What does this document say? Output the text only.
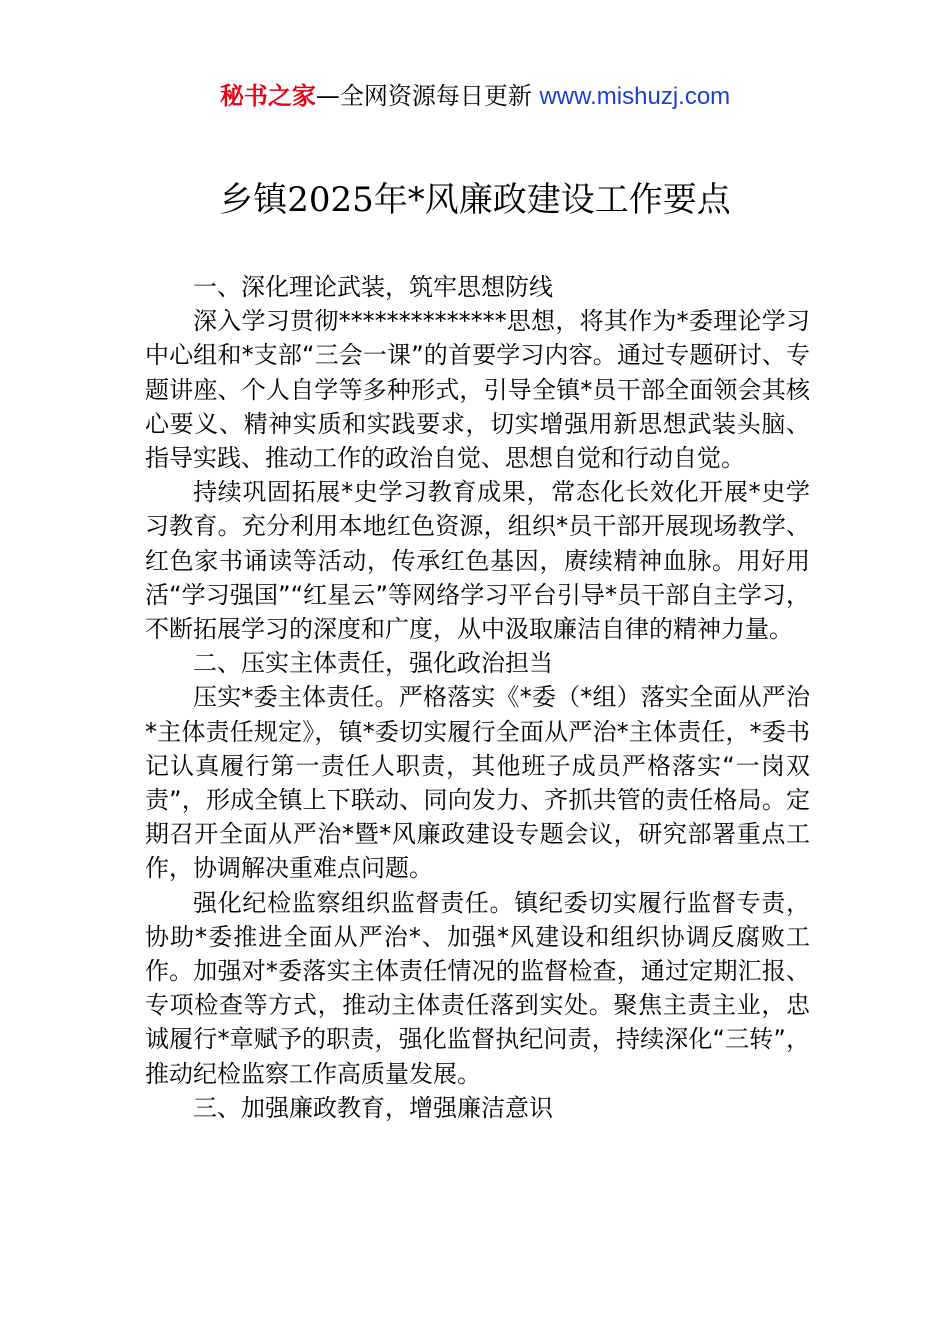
秘书之家—全网资源每日更新 www.mishuzj.com
乡镇2025年*风廉政建设工作要点
一、深化理论武装，筑牢思想防线

深入学习贯彻**************思想，将其作为*委理论学习中心组和*支部“三会一课”的首要学习内容。通过专题研讨、专题讲座、个人自学等多种形式，引导全镇*员干部全面领会其核心要义、精神实质和实践要求，切实增强用新思想武装头脑、指导实践、推动工作的政治自觉、思想自觉和行动自觉。

持续巩固拓展*史学习教育成果，常态化长效化开展*史学习教育。充分利用本地红色资源，组织*员干部开展现场教学、红色家书诵读等活动，传承红色基因，赓续精神血脉。用好用活“学习强国”“红星云”等网络学习平台引导*员干部自主学习，不断拓展学习的深度和广度，从中汲取廉洁自律的精神力量。

二、压实主体责任，强化政治担当

压实*委主体责任。严格落实《*委（*组）落实全面从严治*主体责任规定》，镇*委切实履行全面从严治*主体责任，*委书记认真履行第一责任人职责，其他班子成员严格落实“一岗双责”，形成全镇上下联动、同向发力、齐抓共管的责任格局。定期召开全面从严治*暨*风廉政建设专题会议，研究部署重点工作，协调解决重难点问题。

强化纪检监察组织监督责任。镇纪委切实履行监督专责，协助*委推进全面从严治*、加强*风建设和组织协调反腐败工作。加强对*委落实主体责任情况的监督检查，通过定期汇报、专项检查等方式，推动主体责任落到实处。聚焦主责主业，忠诚履行*章赋予的职责，强化监督执纪问责，持续深化“三转”，推动纪检监察工作高质量发展。

三、加强廉政教育，增强廉洁意识
